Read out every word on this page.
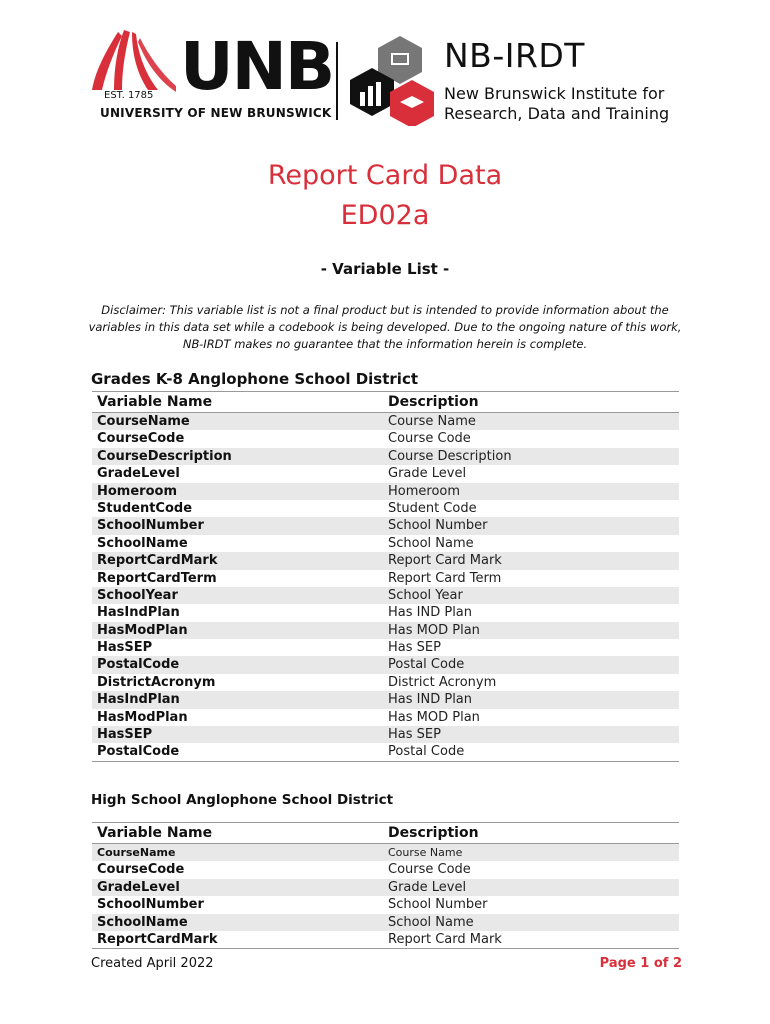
UNB
EST. 1785
UNIVERSITY OF NEW BRUNSWICK
NB-IRDT
New Brunswick Institute for
Research, Data and Training
Report Card Data
ED02a
- Variable List -
Disclaimer: This variable list is not a final product but is intended to provide information about the variables in this data set while a codebook is being developed. Due to the ongoing nature of this work, NB-IRDT makes no guarantee that the information herein is complete.
Grades K-8 Anglophone School District
Variable Name	Description
CourseName	Course Name
CourseCode	Course Code
CourseDescription	Course Description
GradeLevel	Grade Level
Homeroom	Homeroom
StudentCode	Student Code
SchoolNumber	School Number
SchoolName	School Name
ReportCardMark	Report Card Mark
ReportCardTerm	Report Card Term
SchoolYear	School Year
HasIndPlan	Has IND Plan
HasModPlan	Has MOD Plan
HasSEP	Has SEP
PostalCode	Postal Code
DistrictAcronym	District Acronym
HasIndPlan	Has IND Plan
HasModPlan	Has MOD Plan
HasSEP	Has SEP
PostalCode	Postal Code
High School Anglophone School District
Variable Name	Description
CourseName	Course Name
CourseCode	Course Code
GradeLevel	Grade Level
SchoolNumber	School Number
SchoolName	School Name
ReportCardMark	Report Card Mark
Created April 2022	Page 1 of 2
